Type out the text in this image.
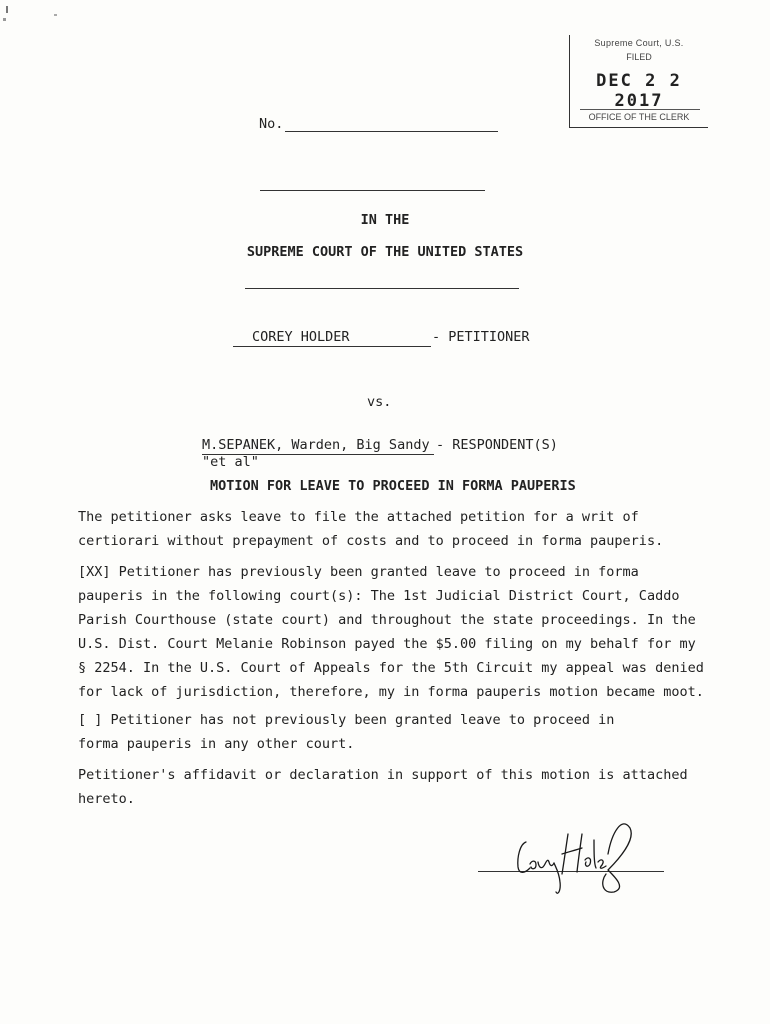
Supreme Court, U.S.
FILED
DEC 2 2 2017
OFFICE OF THE CLERK
No.
IN THE
SUPREME COURT OF THE UNITED STATES
COREY HOLDER	- PETITIONER
vs.
M.SEPANEK, Warden, Big Sandy - RESPONDENT(S)
"et al"
MOTION FOR LEAVE TO PROCEED IN FORMA PAUPERIS
The petitioner asks leave to file the attached petition for a writ of
certiorari without prepayment of costs and to proceed in forma pauperis.
[XX] Petitioner has previously been granted leave to proceed in forma
pauperis in the following court(s): The 1st Judicial District Court, Caddo
Parish Courthouse (state court) and throughout the state proceedings. In the
U.S. Dist. Court Melanie Robinson payed the $5.00 filing on my behalf for my
§ 2254. In the U.S. Court of Appeals for the 5th Circuit my appeal was denied
for lack of jurisdiction, therefore, my in forma pauperis motion became moot.
[ ] Petitioner has not previously been granted leave to proceed in
forma pauperis in any other court.
Petitioner's affidavit or declaration in support of this motion is attached
hereto.
